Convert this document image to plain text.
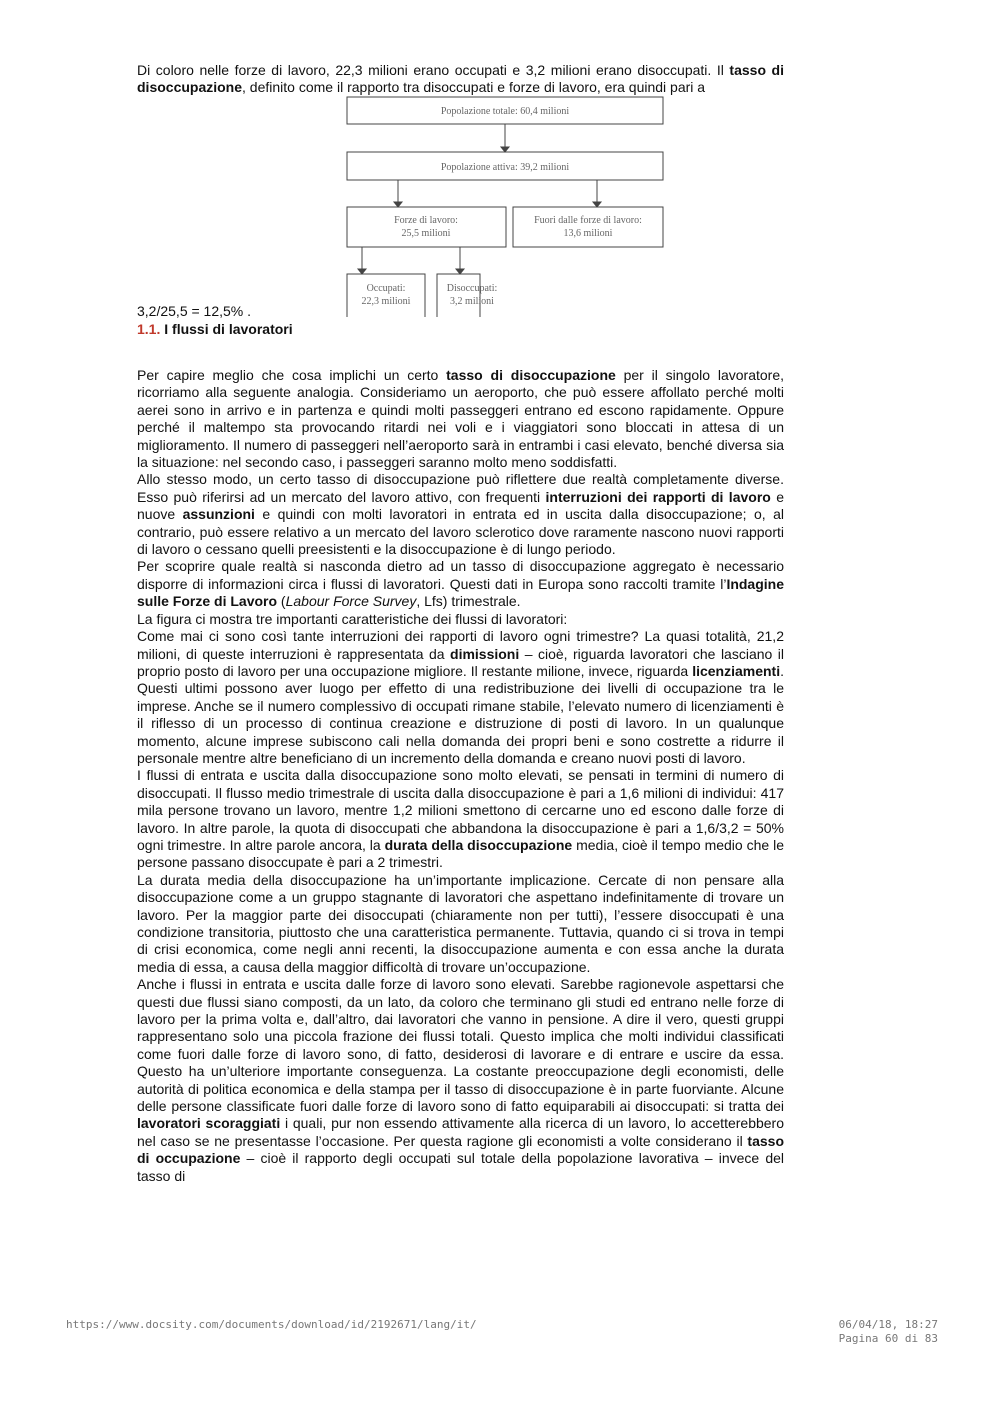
Di coloro nelle forze di lavoro, 22,3 milioni erano occupati e 3,2 milioni erano disoccupati. Il tasso di disoccupazione, definito come il rapporto tra disoccupati e forze di lavoro, era quindi pari a

Popolazione totale: 60,4 milioni
Popolazione attiva: 39,2 milioni
Forze di lavoro:
25,5 milioni
Fuori dalle forze di lavoro:
13,6 milioni
Occupati:
22,3 milioni
Disoccupati:
3,2 milioni
3,2/25,5 = 12,5% .
1.1. I flussi di lavoratori

Per capire meglio che cosa implichi un certo tasso di disoccupazione per il singolo lavoratore, ricorriamo alla seguente analogia. Consideriamo un aeroporto, che può essere affollato perché molti aerei sono in arrivo e in partenza e quindi molti passeggeri entrano ed escono rapidamente. Oppure perché il maltempo sta provocando ritardi nei voli e i viaggiatori sono bloccati in attesa di un miglioramento. Il numero di passeggeri nell’aeroporto sarà in entrambi i casi elevato, benché diversa sia la situazione: nel secondo caso, i passeggeri saranno molto meno soddisfatti.

Allo stesso modo, un certo tasso di disoccupazione può riflettere due realtà completamente diverse. Esso può riferirsi ad un mercato del lavoro attivo, con frequenti interruzioni dei rapporti di lavoro e nuove assunzioni e quindi con molti lavoratori in entrata ed in uscita dalla disoccupazione; o, al contrario, può essere relativo a un mercato del lavoro sclerotico dove raramente nascono nuovi rapporti di lavoro o cessano quelli preesistenti e la disoccupazione è di lungo periodo.

Per scoprire quale realtà si nasconda dietro ad un tasso di disoccupazione aggregato è necessario disporre di informazioni circa i flussi di lavoratori. Questi dati in Europa sono raccolti tramite l’Indagine sulle Forze di Lavoro (Labour Force Survey, Lfs) trimestrale.

La figura ci mostra tre importanti caratteristiche dei flussi di lavoratori:

Come mai ci sono così tante interruzioni dei rapporti di lavoro ogni trimestre? La quasi totalità, 21,2 milioni, di queste interruzioni è rappresentata da dimissioni – cioè, riguarda lavoratori che lasciano il proprio posto di lavoro per una occupazione migliore. Il restante milione, invece, riguarda licenziamenti. Questi ultimi possono aver luogo per effetto di una redistribuzione dei livelli di occupazione tra le imprese. Anche se il numero complessivo di occupati rimane stabile, l’elevato numero di licenziamenti è il riflesso di un processo di continua creazione e distruzione di posti di lavoro. In un qualunque momento, alcune imprese subiscono cali nella domanda dei propri beni e sono costrette a ridurre il personale mentre altre beneficiano di un incremento della domanda e creano nuovi posti di lavoro.

I flussi di entrata e uscita dalla disoccupazione sono molto elevati, se pensati in termini di numero di disoccupati. Il flusso medio trimestrale di uscita dalla disoccupazione è pari a 1,6 milioni di individui: 417 mila persone trovano un lavoro, mentre 1,2 milioni smettono di cercarne uno ed escono dalle forze di lavoro. In altre parole, la quota di disoccupati che abbandona la disoccupazione è pari a 1,6/3,2 = 50% ogni trimestre. In altre parole ancora, la durata della disoccupazione media, cioè il tempo medio che le persone passano disoccupate è pari a 2 trimestri.

La durata media della disoccupazione ha un’importante implicazione. Cercate di non pensare alla disoccupazione come a un gruppo stagnante di lavoratori che aspettano indefinitamente di trovare un lavoro. Per la maggior parte dei disoccupati (chiaramente non per tutti), l’essere disoccupati è una condizione transitoria, piuttosto che una caratteristica permanente. Tuttavia, quando ci si trova in tempi di crisi economica, come negli anni recenti, la disoccupazione aumenta e con essa anche la durata media di essa, a causa della maggior difficoltà di trovare un’occupazione.

Anche i flussi in entrata e uscita dalle forze di lavoro sono elevati. Sarebbe ragionevole aspettarsi che questi due flussi siano composti, da un lato, da coloro che terminano gli studi ed entrano nelle forze di lavoro per la prima volta e, dall’altro, dai lavoratori che vanno in pensione. A dire il vero, questi gruppi rappresentano solo una piccola frazione dei flussi totali. Questo implica che molti individui classificati come fuori dalle forze di lavoro sono, di fatto, desiderosi di lavorare e di entrare e uscire da essa. Questo ha un’ulteriore importante conseguenza. La costante preoccupazione degli economisti, delle autorità di politica economica e della stampa per il tasso di disoccupazione è in parte fuorviante. Alcune delle persone classificate fuori dalle forze di lavoro sono di fatto equiparabili ai disoccupati: si tratta dei lavoratori scoraggiati i quali, pur non essendo attivamente alla ricerca di un lavoro, lo accetterebbero nel caso se ne presentasse l’occasione. Per questa ragione gli economisti a volte considerano il tasso di occupazione – cioè il rapporto degli occupati sul totale della popolazione lavorativa – invece del tasso di

https://www.docsity.com/documents/download/id/2192671/lang/it/	06/04/18, 18:27
Pagina 60 di 83
